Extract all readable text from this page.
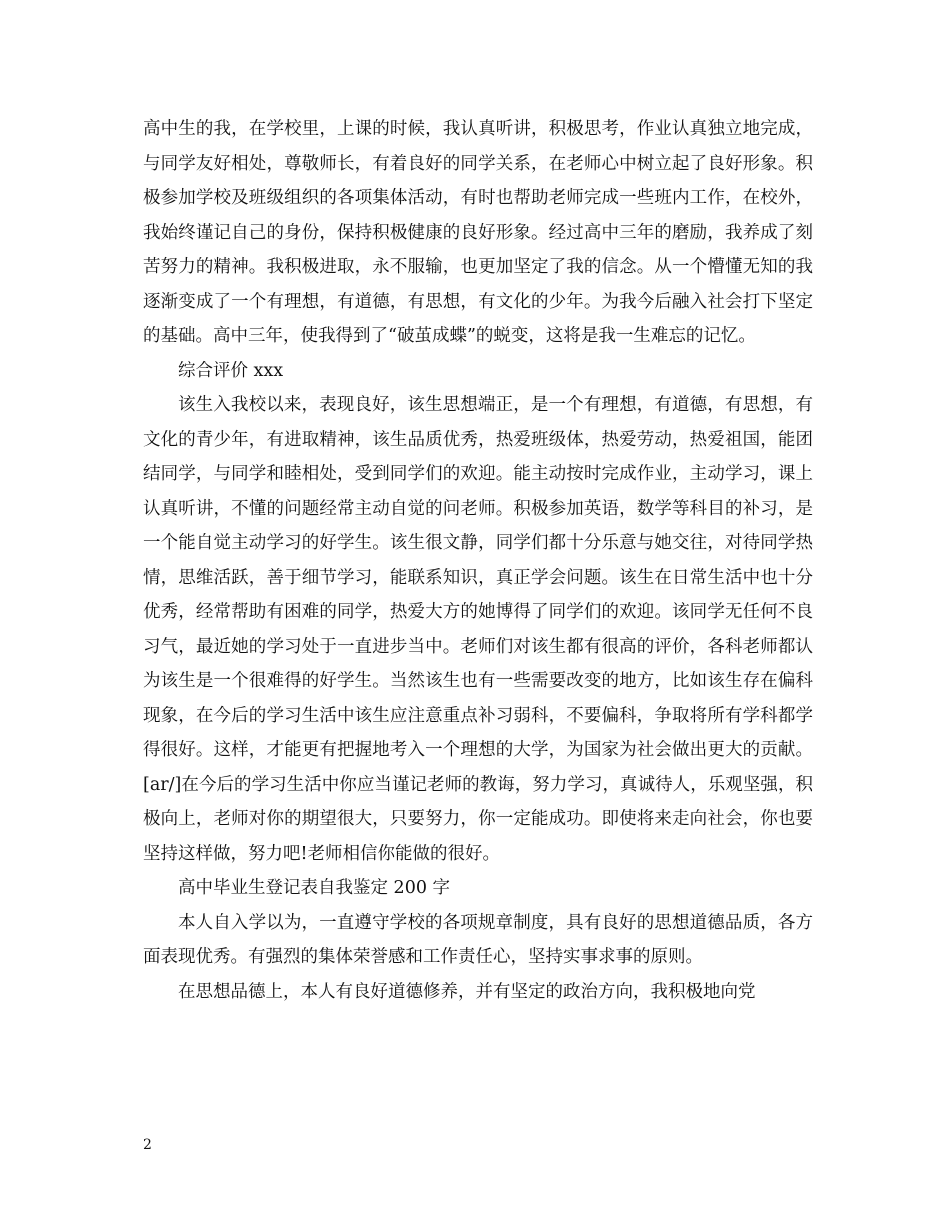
高中生的我，在学校里，上课的时候，我认真听讲，积极思考，作业认真独立地完成，与同学友好相处，尊敬师长，有着良好的同学关系，在老师心中树立起了良好形象。积极参加学校及班级组织的各项集体活动，有时也帮助老师完成一些班内工作，在校外，我始终谨记自己的身份，保持积极健康的良好形象。经过高中三年的磨励，我养成了刻苦努力的精神。我积极进取，永不服输，也更加坚定了我的信念。从一个懵懂无知的我逐渐变成了一个有理想，有道德，有思想，有文化的少年。为我今后融入社会打下坚定的基础。高中三年，使我得到了“破茧成蝶”的蜕变，这将是我一生难忘的记忆。

综合评价 xxx

该生入我校以来，表现良好，该生思想端正，是一个有理想，有道德，有思想，有文化的青少年，有进取精神，该生品质优秀，热爱班级体，热爱劳动，热爱祖国，能团结同学，与同学和睦相处，受到同学们的欢迎。能主动按时完成作业，主动学习，课上认真听讲，不懂的问题经常主动自觉的问老师。积极参加英语，数学等科目的补习，是一个能自觉主动学习的好学生。该生很文静，同学们都十分乐意与她交往，对待同学热情，思维活跃，善于细节学习，能联系知识，真正学会问题。该生在日常生活中也十分优秀，经常帮助有困难的同学，热爱大方的她博得了同学们的欢迎。该同学无任何不良习气，最近她的学习处于一直进步当中。老师们对该生都有很高的评价，各科老师都认为该生是一个很难得的好学生。当然该生也有一些需要改变的地方，比如该生存在偏科现象，在今后的学习生活中该生应注意重点补习弱科，不要偏科，争取将所有学科都学得很好。这样，才能更有把握地考入一个理想的大学，为国家为社会做出更大的贡献。[ar/]在今后的学习生活中你应当谨记老师的教诲，努力学习，真诚待人，乐观坚强，积极向上，老师对你的期望很大，只要努力，你一定能成功。即使将来走向社会，你也要坚持这样做，努力吧!老师相信你能做的很好。

高中毕业生登记表自我鉴定 200 字

本人自入学以为，一直遵守学校的各项规章制度，具有良好的思想道德品质，各方面表现优秀。有强烈的集体荣誉感和工作责任心，坚持实事求事的原则。

在思想品德上，本人有良好道德修养，并有坚定的政治方向，我积极地向党

2
